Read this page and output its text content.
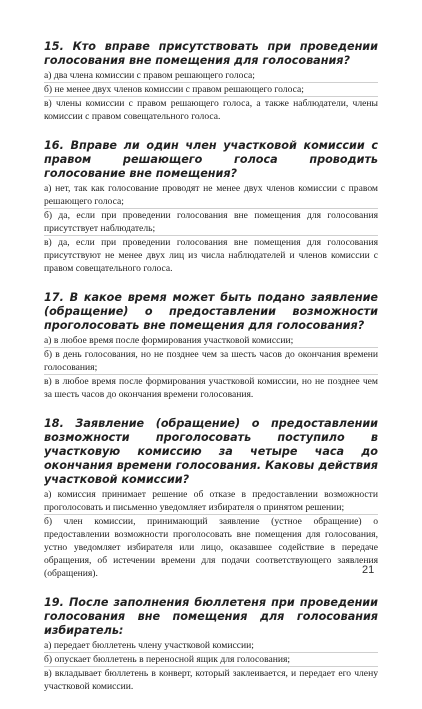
15. Кто вправе присутствовать при проведении голосования вне помещения для голосования?

а) два члена комиссии с правом решающего голоса;

б) не менее двух членов комиссии с правом решающего голоса;

в) члены комиссии с правом решающего голоса, а также наблюдатели, члены комиссии с правом совещательного голоса.

16. Вправе ли один член участковой комиссии с правом решающего голоса проводить голосование вне помещения?

а) нет, так как голосование проводят не менее двух членов комиссии с правом решающего голоса;

б) да, если при проведении голосования вне помещения для голосования присутствует наблюдатель;

в) да, если при проведении голосования вне помещения для голосования присутствуют не менее двух лиц из числа наблюдателей и членов комиссии с правом совещательного голоса.

17. В какое время может быть подано заявление (обращение) о предоставлении возможности проголосовать вне помещения для голосования?

а) в любое время после формирования участковой комиссии;

б) в день голосования, но не позднее чем за шесть часов до окончания времени голосования;

в) в любое время после формирования участковой комиссии, но не позднее чем за шесть часов до окончания времени голосования.

18. Заявление (обращение) о предоставлении возможности проголосовать поступило в участковую комиссию за четыре часа до окончания времени голосования. Каковы действия участковой комиссии?

а) комиссия принимает решение об отказе в предоставлении возможности проголосовать и письменно уведомляет избирателя о принятом решении;

б) член комиссии, принимающий заявление (устное обращение) о предоставлении возможности проголосовать вне помещения для голосования, устно уведомляет избирателя или лицо, оказавшее содействие в передаче обращения, об истечении времени для подачи соответствующего заявления (обращения).

19. После заполнения бюллетеня при проведении голосования вне помещения для голосования избиратель:

а) передает бюллетень члену участковой комиссии;

б) опускает бюллетень в переносной ящик для голосования;

в) вкладывает бюллетень в конверт, который заклеивается, и передает его члену участковой комиссии.

21
